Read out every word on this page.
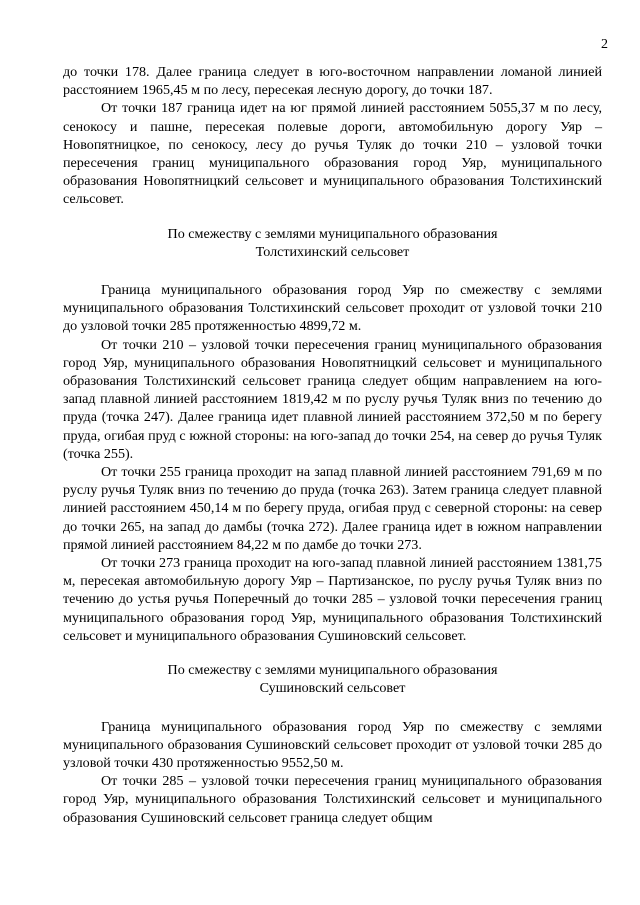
2

до точки 178. Далее граница следует в юго-восточном направлении ломаной линией расстоянием 1965,45 м по лесу, пересекая лесную дорогу, до точки 187.

От точки 187 граница идет на юг прямой линией расстоянием 5055,37 м по лесу, сенокосу и пашне, пересекая полевые дороги, автомобильную дорогу Уяр – Новопятницкое, по сенокосу, лесу до ручья Туляк до точки 210 – узловой точки пересечения границ муниципального образования город Уяр, муниципального образования Новопятницкий сельсовет и муниципального образования Толстихинский сельсовет.

По смежеству с землями муниципального образования
Толстихинский сельсовет

Граница муниципального образования город Уяр по смежеству с землями муниципального образования Толстихинский сельсовет проходит от узловой точки 210 до узловой точки 285 протяженностью 4899,72 м.

От точки 210 – узловой точки пересечения границ муниципального образования город Уяр, муниципального образования Новопятницкий сельсовет и муниципального образования Толстихинский сельсовет граница следует общим направлением на юго-запад плавной линией расстоянием 1819,42 м по руслу ручья Туляк вниз по течению до пруда (точка 247). Далее граница идет плавной линией расстоянием 372,50 м по берегу пруда, огибая пруд с южной стороны: на юго-запад до точки 254, на север до ручья Туляк (точка 255).

От точки 255 граница проходит на запад плавной линией расстоянием 791,69 м по руслу ручья Туляк вниз по течению до пруда (точка 263). Затем граница следует плавной линией расстоянием 450,14 м по берегу пруда, огибая пруд с северной стороны: на север до точки 265, на запад до дамбы (точка 272). Далее граница идет в южном направлении прямой линией расстоянием 84,22 м по дамбе до точки 273.

От точки 273 граница проходит на юго-запад плавной линией расстоянием 1381,75 м, пересекая автомобильную дорогу Уяр – Партизанское, по руслу ручья Туляк вниз по течению до устья ручья Поперечный до точки 285 – узловой точки пересечения границ муниципального образования город Уяр, муниципального образования Толстихинский сельсовет и муниципального образования Сушиновский сельсовет.

По смежеству с землями муниципального образования
Сушиновский сельсовет

Граница муниципального образования город Уяр по смежеству с землями муниципального образования Сушиновский сельсовет проходит от узловой точки 285 до узловой точки 430 протяженностью 9552,50 м.

От точки 285 – узловой точки пересечения границ муниципального образования город Уяр, муниципального образования Толстихинский сельсовет и муниципального образования Сушиновский сельсовет граница следует общим
